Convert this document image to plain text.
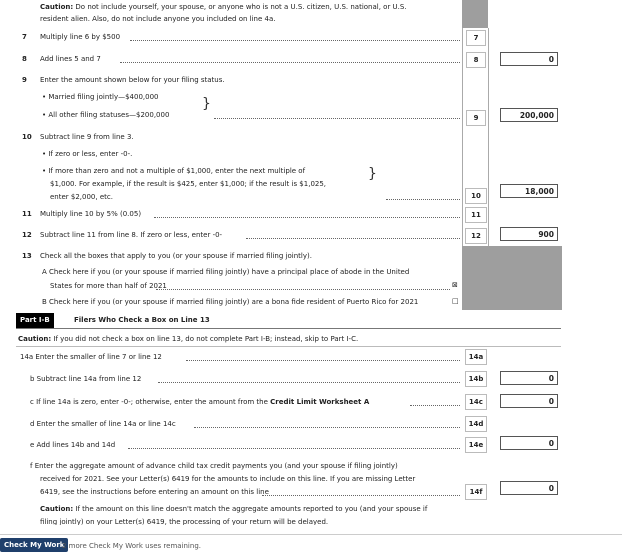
Caution: Do not include yourself, your spouse, or anyone who is not a U.S. citizen, U.S. national, or U.S.
resident alien. Also, do not include anyone you included on line 4a.
7 Multiply line 6 by $500	7
8 Add lines 5 and 7	8	0
9 Enter the amount shown below for your filing status.
• Married filing jointly—$400,000
• All other filing statuses—$200,000
}
9	200,000
10 Subtract line 9 from line 3.
• If zero or less, enter -0-.
• If more than zero and not a multiple of $1,000, enter the next multiple of
$1,000. For example, if the result is $425, enter $1,000; if the result is $1,025,
enter $2,000, etc.
}
10	18,000
11 Multiply line 10 by 5% (0.05)	11
12 Subtract line 11 from line 8. If zero or less, enter -0-	12	900
13 Check all the boxes that apply to you (or your spouse if married filing jointly).
A Check here if you (or your spouse if married filing jointly) have a principal place of abode in the United
States for more than half of 2021	⊠
B Check here if you (or your spouse if married filing jointly) are a bona fide resident of Puerto Rico for 2021	□
Part I-B	Filers Who Check a Box on Line 13
Caution: If you did not check a box on line 13, do not complete Part I-B; instead, skip to Part I-C.
14a Enter the smaller of line 7 or line 12	14a
b Subtract line 14a from line 12	14b	0
c If line 14a is zero, enter -0-; otherwise, enter the amount from the Credit Limit Worksheet A	14c	0
d Enter the smaller of line 14a or line 14c	14d
e Add lines 14b and 14d	14e	0
f Enter the aggregate amount of advance child tax credit payments you (and your spouse if filing jointly)
received for 2021. See your Letter(s) 6419 for the amounts to include on this line. If you are missing Letter
6419, see the instructions before entering an amount on this line	14f	0
Caution: If the amount on this line doesn't match the aggregate amounts reported to you (and your spouse if
filing jointly) on your Letter(s) 6419, the processing of your return will be delayed.
Check My Work
2 more Check My Work uses remaining.
